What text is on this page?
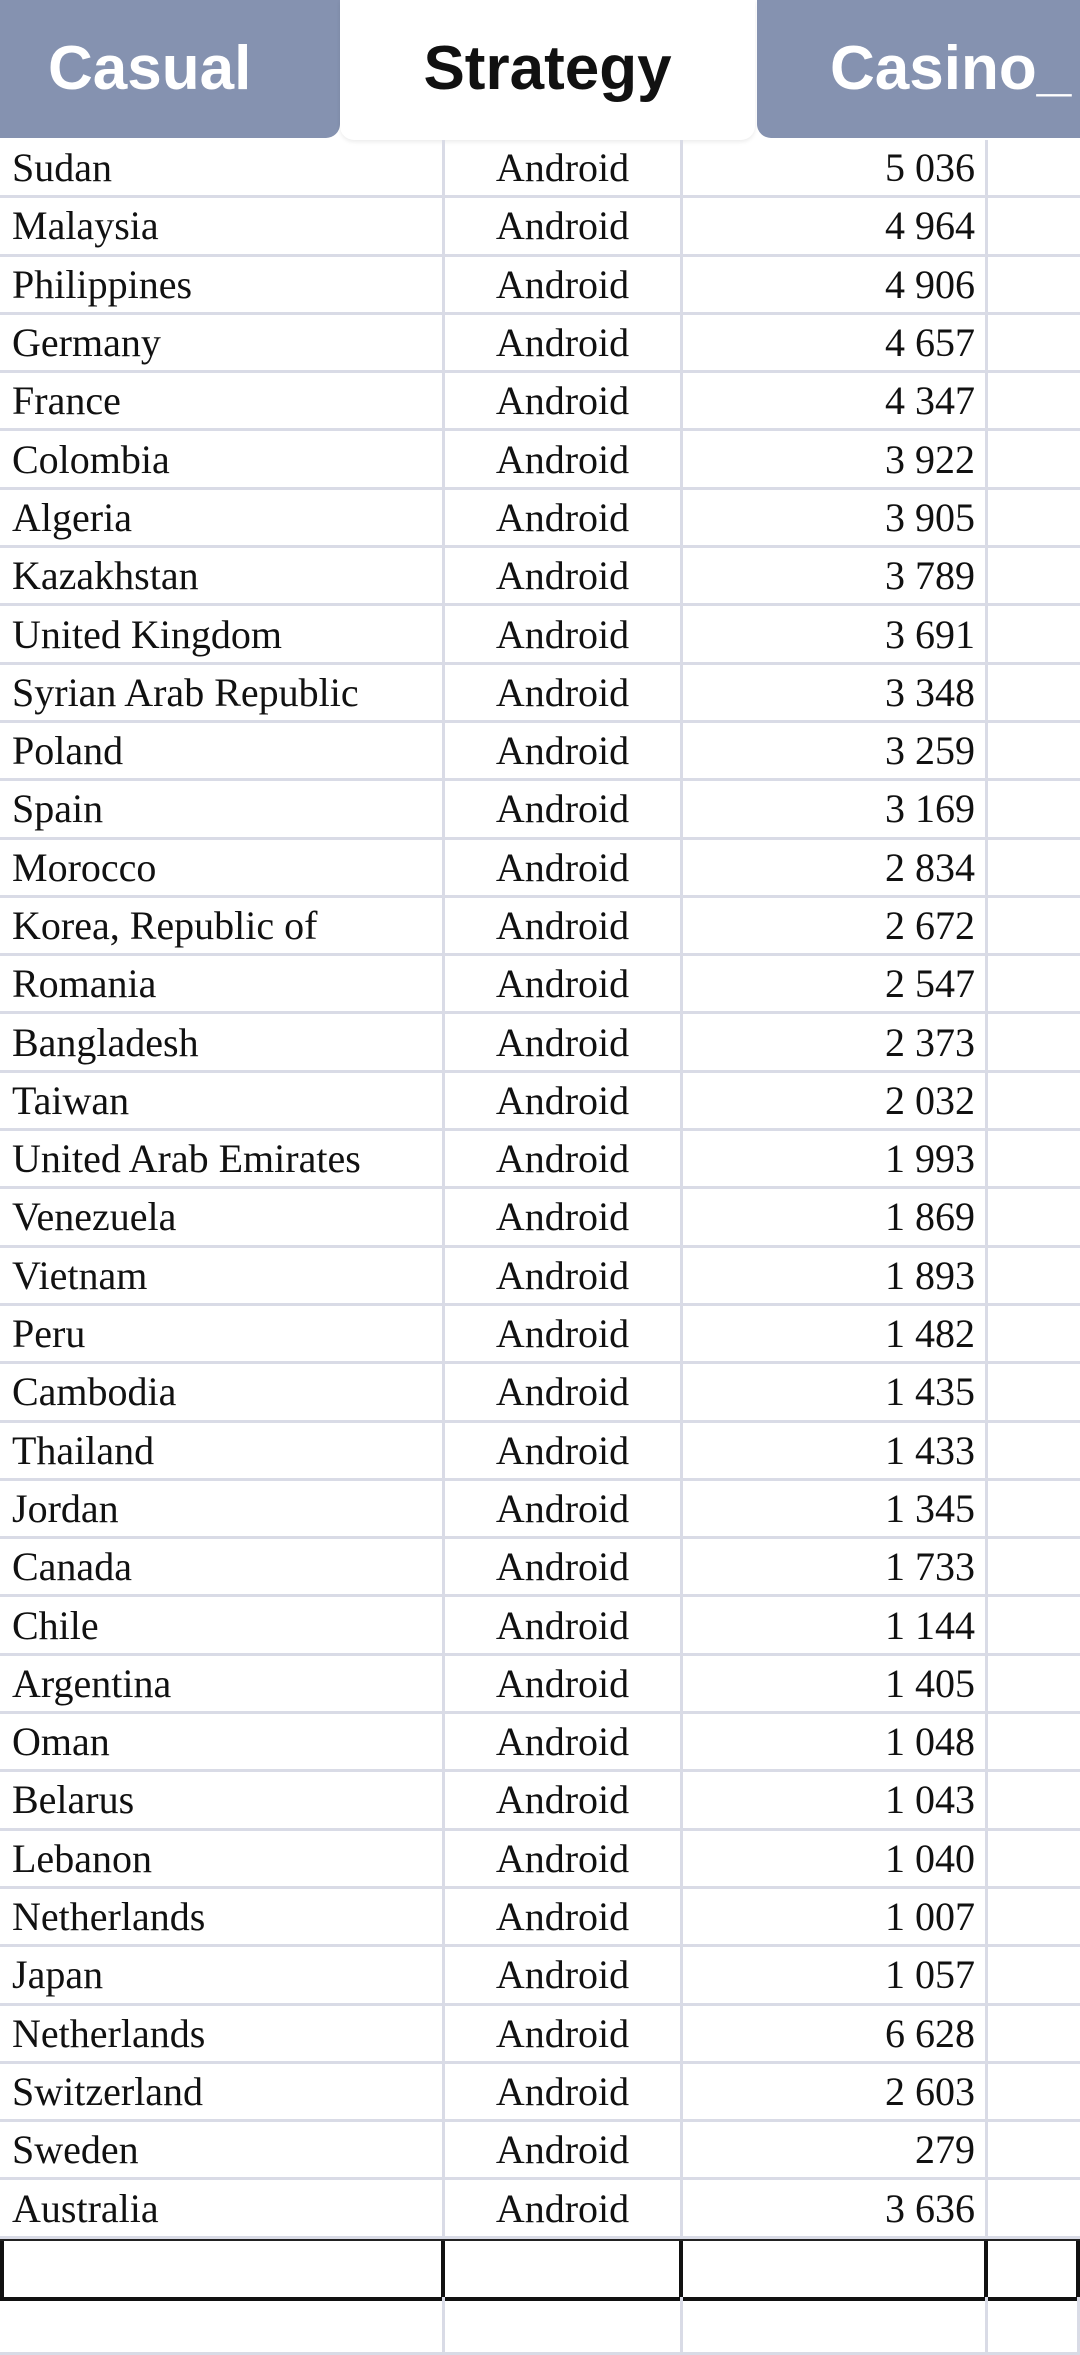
Casual	Strategy	Casino_
Sudan	Android	5 036
Malaysia	Android	4 964
Philippines	Android	4 906
Germany	Android	4 657
France	Android	4 347
Colombia	Android	3 922
Algeria	Android	3 905
Kazakhstan	Android	3 789
United Kingdom	Android	3 691
Syrian Arab Republic	Android	3 348
Poland	Android	3 259
Spain	Android	3 169
Morocco	Android	2 834
Korea, Republic of	Android	2 672
Romania	Android	2 547
Bangladesh	Android	2 373
Taiwan	Android	2 032
United Arab Emirates	Android	1 993
Venezuela	Android	1 869
Vietnam	Android	1 893
Peru	Android	1 482
Cambodia	Android	1 435
Thailand	Android	1 433
Jordan	Android	1 345
Canada	Android	1 733
Chile	Android	1 144
Argentina	Android	1 405
Oman	Android	1 048
Belarus	Android	1 043
Lebanon	Android	1 040
Netherlands	Android	1 007
Japan	Android	1 057
Netherlands	Android	6 628
Switzerland	Android	2 603
Sweden	Android	279
Australia	Android	3 636
